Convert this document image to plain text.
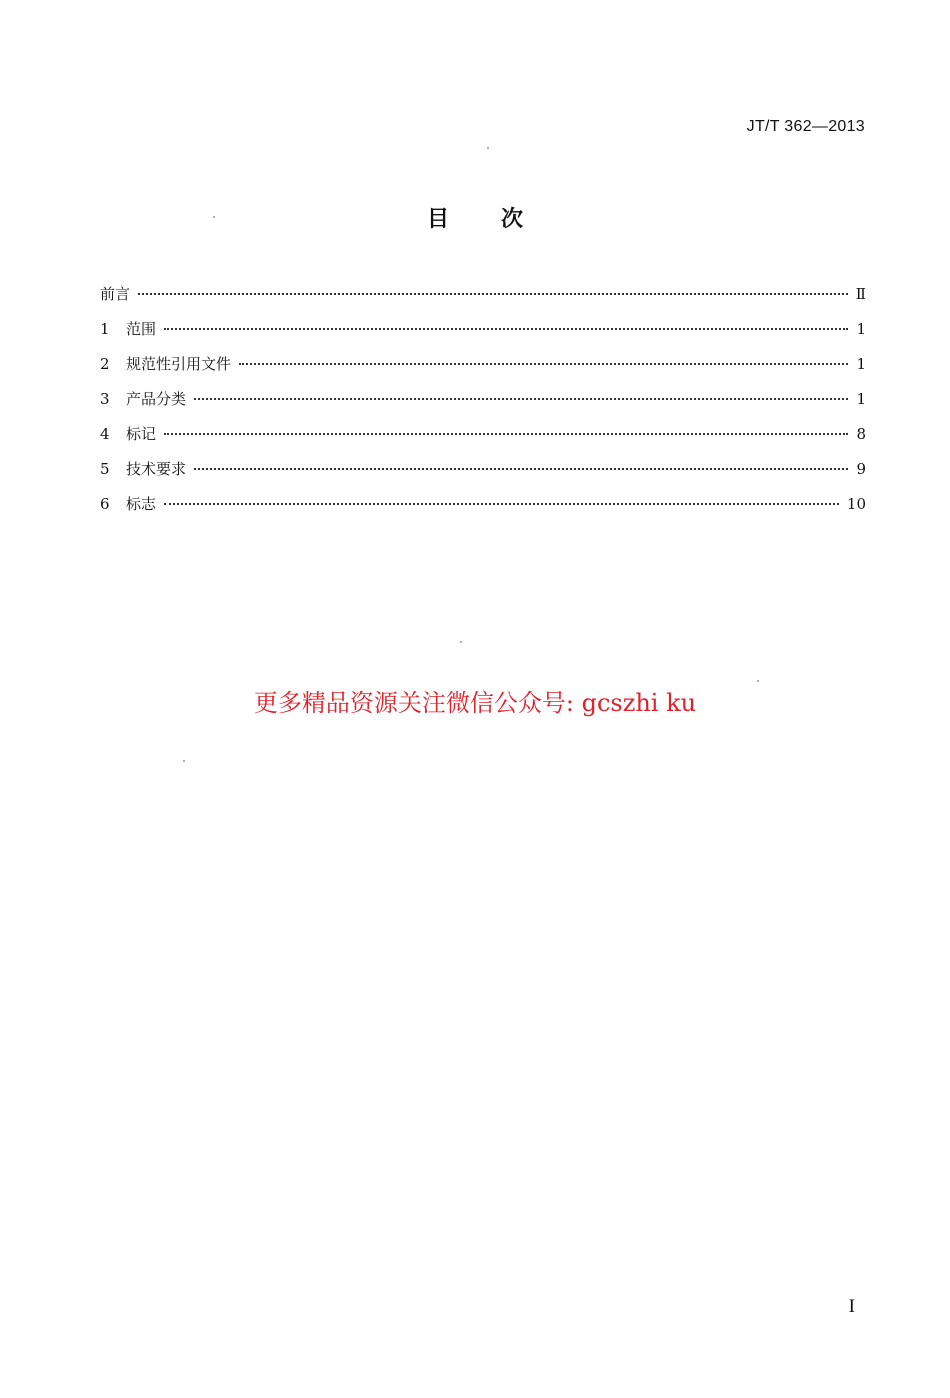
JT/T 362—2013
目次
前言	Ⅱ
1	范围	1
2	规范性引用文件	1
3	产品分类	1
4	标记	8
5	技术要求	9
6	标志	10
更多精品资源关注微信公众号: gcszhi ku
I
